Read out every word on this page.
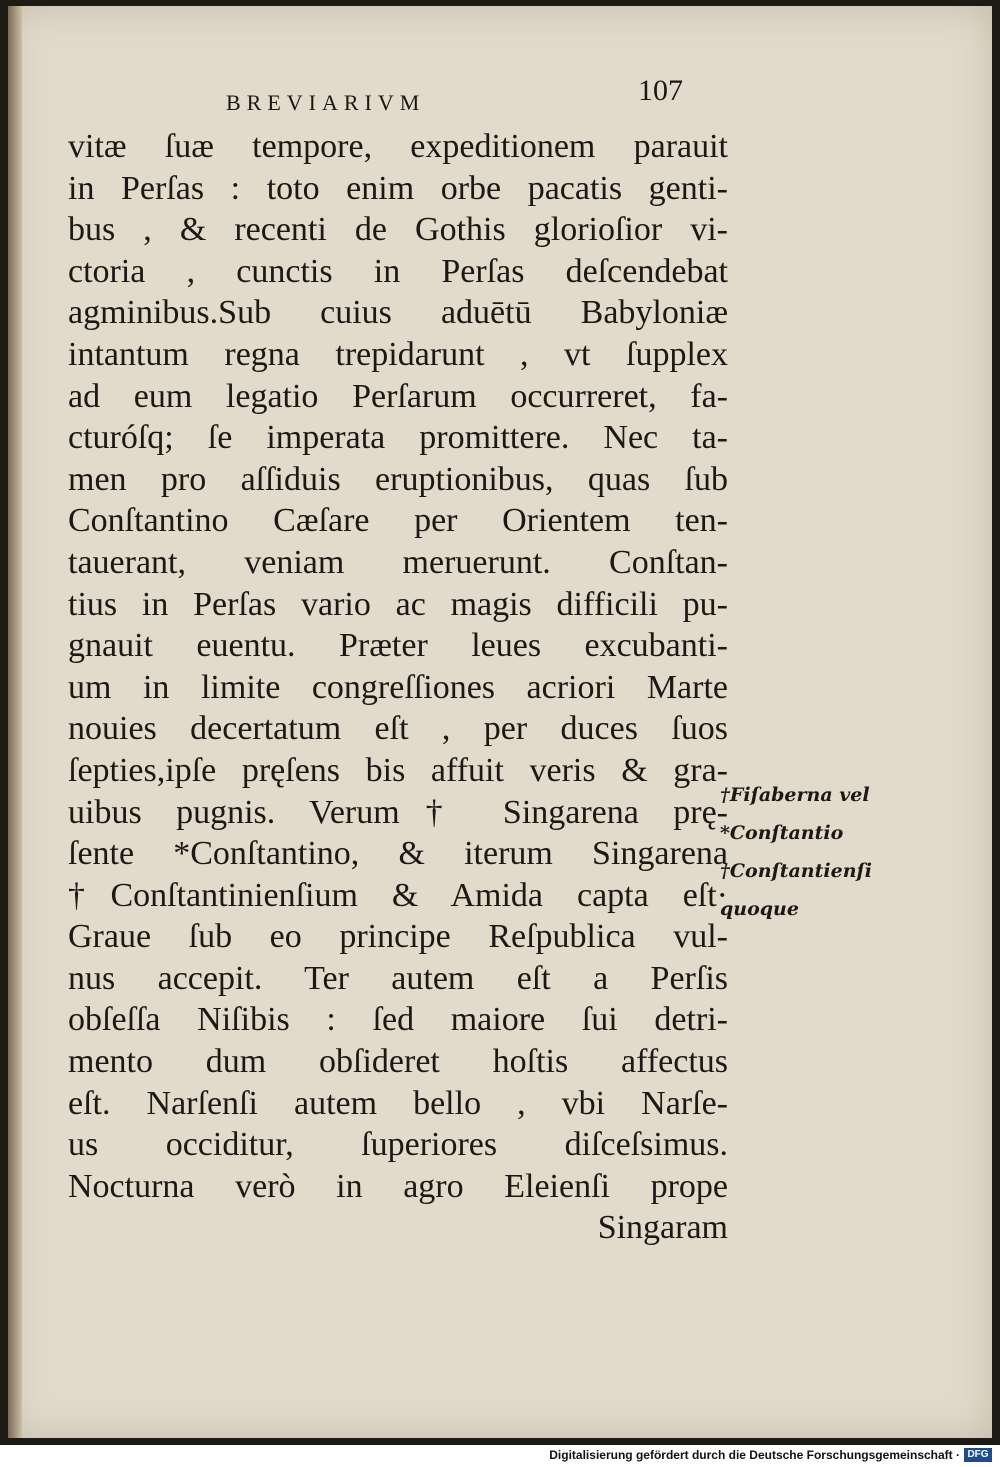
BREVIARIVM	107
vitæ ſuæ tempore, expeditionem parauit
in Perſas : toto enim orbe pacatis genti-
bus , & recenti de Gothis glorioſior vi-
ctoria , cunctis in Perſas deſcendebat
agminibus.Sub cuius aduētū Babyloniæ
intantum regna trepidarunt , vt ſupplex
ad eum legatio Perſarum occurreret, fa-
cturóſq; ſe imperata promittere. Nec ta-
men pro aſſiduis eruptionibus, quas ſub
Conſtantino Cæſare per Orientem ten-
tauerant, veniam meruerunt. Conſtan-
tius in Perſas vario ac magis difficili pu-
gnauit euentu. Præter leues excubanti-
um in limite congreſſiones acriori Marte
nouies decertatum eſt , per duces ſuos
ſepties,ipſe pręſens bis affuit veris & gra-
uibus pugnis. Verum† Singarena prę-
ſente *Conſtantino, & iterum Singarena
†Conſtantinienſium & Amida capta eſt·
Graue ſub eo principe Reſpublica vul-
nus accepit. Ter autem eſt a Perſis
obſeſſa Niſibis : ſed maiore ſui detri-
mento dum obſideret hoſtis affectus
eſt. Narſenſi autem bello , vbi Narſe-
us occiditur, ſuperiores diſceſsimus.
Nocturna verò in agro Eleienſi prope
Singaram
†Fiſaberna vel
*Conſtantio
†Conſtantienſi
quoque
Digitalisierung gefördert durch die Deutsche Forschungsgemeinschaft · DFG
